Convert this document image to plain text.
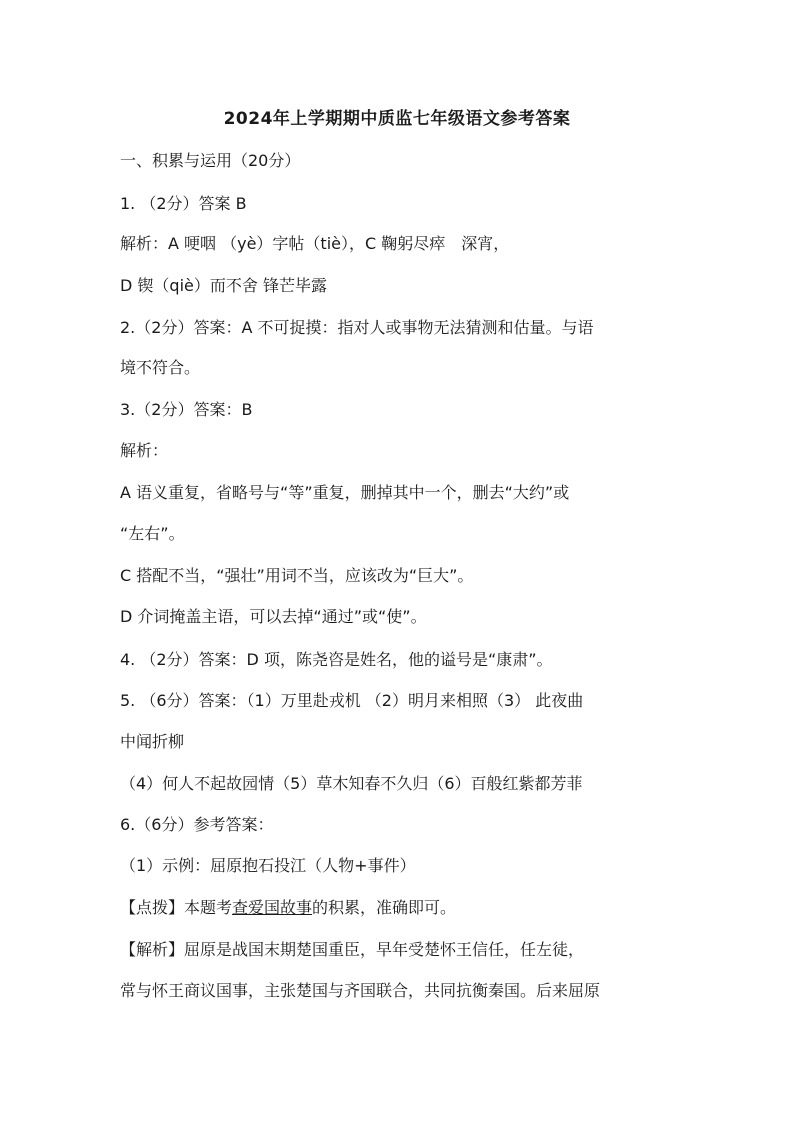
2024年上学期期中质监七年级语文参考答案
一、积累与运用（20分）
1. （2分）答案 B
解析：A 哽咽 （yè）字帖（tiè），C 鞠躬尽瘁　深宵，
D 锲（qiè）而不舍 锋芒毕露
2.（2分）答案：A 不可捉摸：指对人或事物无法猜测和估量。与语
境不符合。
3.（2分）答案：B
解析：
A 语义重复，省略号与“等”重复，删掉其中一个，删去“大约”或
“左右”。
C 搭配不当，“强壮”用词不当，应该改为“巨大”。
D 介词掩盖主语，可以去掉“通过”或“使”。
4. （2分）答案：D 项，陈尧咨是姓名，他的谥号是“康肃”。
5. （6分）答案：（1）万里赴戎机 （2）明月来相照（3） 此夜曲
中闻折柳
（4）何人不起故园情（5）草木知春不久归（6）百般红紫都芳菲
6.（6分）参考答案：
（1）示例：屈原抱石投江（人物+事件）
【点拨】本题考查爱国故事的积累，准确即可。
【解析】屈原是战国末期楚国重臣，早年受楚怀王信任，任左徒，
常与怀王商议国事，主张楚国与齐国联合，共同抗衡秦国。后来屈原
